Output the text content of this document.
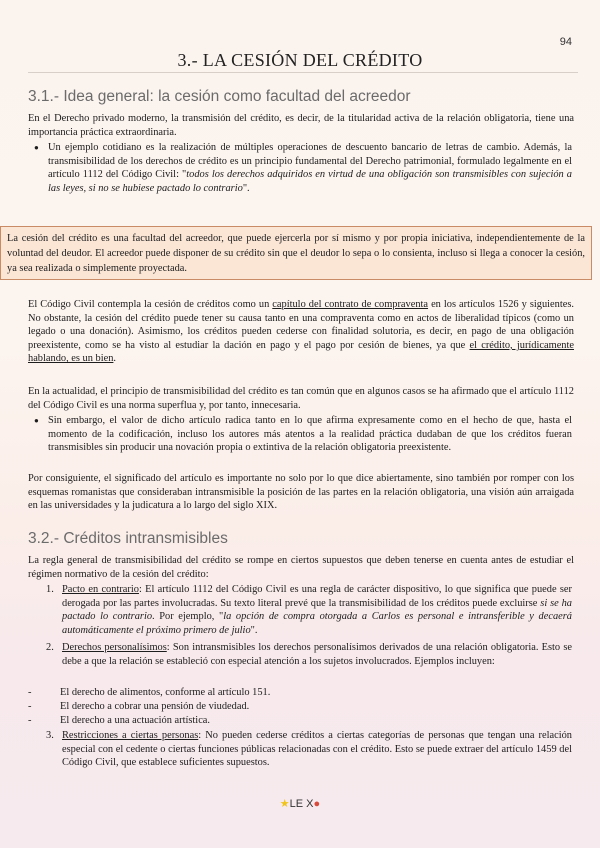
94
3.- LA CESIÓN DEL CRÉDITO
3.1.- Idea general: la cesión como facultad del acreedor
En el Derecho privado moderno, la transmisión del crédito, es decir, de la titularidad activa de la relación obligatoria, tiene una importancia práctica extraordinaria.
● Un ejemplo cotidiano es la realización de múltiples operaciones de descuento bancario de letras de cambio. Además, la transmisibilidad de los derechos de crédito es un principio fundamental del Derecho patrimonial, formulado legalmente en el artículo 1112 del Código Civil: "todos los derechos adquiridos en virtud de una obligación son transmisibles con sujeción a las leyes, si no se hubiese pactado lo contrario".
La cesión del crédito es una facultad del acreedor, que puede ejercerla por sí mismo y por propia iniciativa, independientemente de la voluntad del deudor. El acreedor puede disponer de su crédito sin que el deudor lo sepa o lo consienta, incluso si llega a conocer la cesión, ya sea realizada o simplemente proyectada.
El Código Civil contempla la cesión de créditos como un capítulo del contrato de compraventa en los artículos 1526 y siguientes. No obstante, la cesión del crédito puede tener su causa tanto en una compraventa como en actos de liberalidad típicos (como un legado o una donación). Asimismo, los créditos pueden cederse con finalidad solutoria, es decir, en pago de una obligación preexistente, como se ha visto al estudiar la dación en pago y el pago por cesión de bienes, ya que el crédito, jurídicamente hablando, es un bien.
En la actualidad, el principio de transmisibilidad del crédito es tan común que en algunos casos se ha afirmado que el artículo 1112 del Código Civil es una norma superflua y, por tanto, innecesaria.
● Sin embargo, el valor de dicho artículo radica tanto en lo que afirma expresamente como en el hecho de que, hasta el momento de la codificación, incluso los autores más atentos a la realidad práctica dudaban de que los créditos fueran transmisibles sin producir una novación propia o extintiva de la relación obligatoria preexistente.
Por consiguiente, el significado del artículo es importante no solo por lo que dice abiertamente, sino también por romper con los esquemas romanistas que consideraban intransmisible la posición de las partes en la relación obligatoria, una visión aún arraigada en las universidades y la judicatura a lo largo del siglo XIX.
3.2.- Créditos intransmisibles
La regla general de transmisibilidad del crédito se rompe en ciertos supuestos que deben tenerse en cuenta antes de estudiar el régimen normativo de la cesión del crédito:
1. Pacto en contrario: El artículo 1112 del Código Civil es una regla de carácter dispositivo, lo que significa que puede ser derogada por las partes involucradas. Su texto literal prevé que la transmisibilidad de los créditos puede excluirse si se ha pactado lo contrario. Por ejemplo, "la opción de compra otorgada a Carlos es personal e intransferible y decaerá automáticamente el próximo primero de julio".
2. Derechos personalísimos: Son intransmisibles los derechos personalísimos derivados de una relación obligatoria. Esto se debe a que la relación se estableció con especial atención a los sujetos involucrados. Ejemplos incluyen:
-	El derecho de alimentos, conforme al artículo 151.
-	El derecho a cobrar una pensión de viudedad.
-	El derecho a una actuación artística.
3. Restricciones a ciertas personas: No pueden cederse créditos a ciertas categorías de personas que tengan una relación especial con el cedente o ciertas funciones públicas relacionadas con el crédito. Esto se puede extraer del artículo 1459 del Código Civil, que establece suficientes supuestos.
★LE X●
